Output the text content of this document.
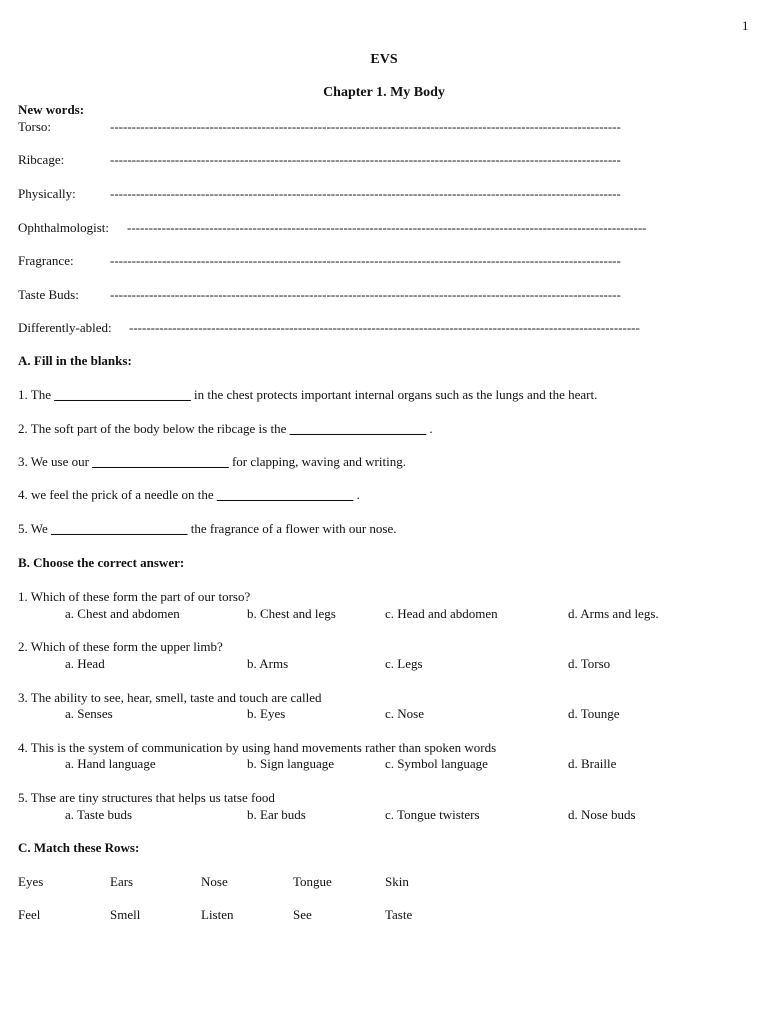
1
EVS
Chapter 1. My Body
New words:
Torso:	----------------------------------------------------------------------------------------------------------------------
Ribcage:	----------------------------------------------------------------------------------------------------------------------
Physically:	----------------------------------------------------------------------------------------------------------------------
Ophthalmologist: ------------------------------------------------------------------------------------------------------------------------
Fragrance:	----------------------------------------------------------------------------------------------------------------------
Taste Buds: ----------------------------------------------------------------------------------------------------------------------
Differently-abled: ----------------------------------------------------------------------------------------------------------------------
A. Fill in the blanks:
1. The _____________________ in the chest protects important internal organs such as the lungs and the heart.
2. The soft part of the body below the ribcage is the _____________________ .
3. We use our _____________________ for clapping, waving and writing.
4. we feel the prick of a needle on the _____________________ .
5. We _____________________ the fragrance of a flower with our nose.
B. Choose the correct answer:
1. Which of these form the part of our torso?
a. Chest and abdomen	b. Chest and legs	c. Head and abdomen	d. Arms and legs.
2. Which of these form the upper limb?
a. Head	b. Arms	c. Legs	d. Torso
3. The ability to see, hear, smell, taste and touch are called
a. Senses	b. Eyes	c. Nose	d. Tounge
4. This is the system of communication by using hand movements rather than spoken words
a. Hand language	b. Sign language	c. Symbol language	d. Braille
5. Thse are tiny structures that helps us tatse food
a. Taste buds	b. Ear buds	c. Tongue twisters	d. Nose buds
C. Match these Rows:
Eyes	Ears	Nose	Tongue	Skin
Feel	Smell	Listen	See	Taste
